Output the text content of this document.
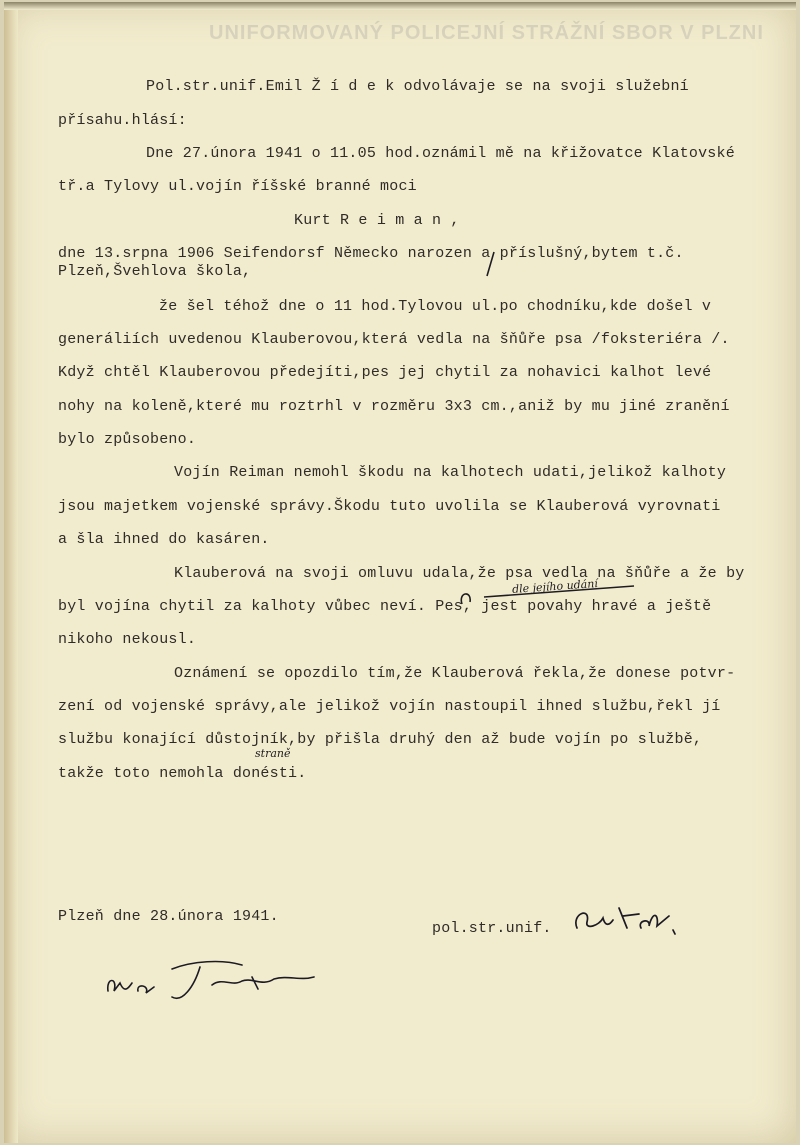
UNIFORMOVANÝ POLICEJNÍ STRÁŽNÍ SBOR V PLZNI
Pol.str.unif.Emil Ž í d e k odvolávaje se na svoji služební
přísahu.hlásí:
Dne 27.února 1941 o 11.05 hod.oznámil mě na křižovatce Klatovské
tř.a Tylovy ul.vojín říšské branné moci
Kurt R e i m a n ,
dne 13.srpna 1906 Seifendorsf Německo narozen a příslušný,bytem t.č.
Plzeň,Švehlova škola,
že šel téhož dne o 11 hod.Tylovou ul.po chodníku,kde došel v
generáliích uvedenou Klauberovou,která vedla na šňůře psa /foksteriéra /.
Když chtěl Klauberovou předejíti,pes jej chytil za nohavici kalhot levé
nohy na koleně,které mu roztrhl v rozměru 3x3 cm.,aniž by mu jiné zranění
bylo způsobeno.
Vojín Reiman nemohl škodu na kalhotech udati,jelikož kalhoty
jsou majetkem vojenské správy.Škodu tuto uvolila se Klauberová vyrovnati
a šla ihned do kasáren.
Klauberová na svoji omluvu udala,že psa vedla na šňůře a že by
byl vojína chytil za kalhoty vůbec neví. Pes, jest povahy hravé a ještě
nikoho nekousl.
Oznámení se opozdilo tím,že Klauberová řekla,že donese potvr-
zení od vojenské správy,ale jelikož vojín nastoupil ihned službu,řekl jí
službu konající důstojník,by přišla druhý den až bude vojín po službě,
takže toto nemohla donésti.
dle jejího udání
straně
Plzeň dne 28.února 1941.
pol.str.unif.
